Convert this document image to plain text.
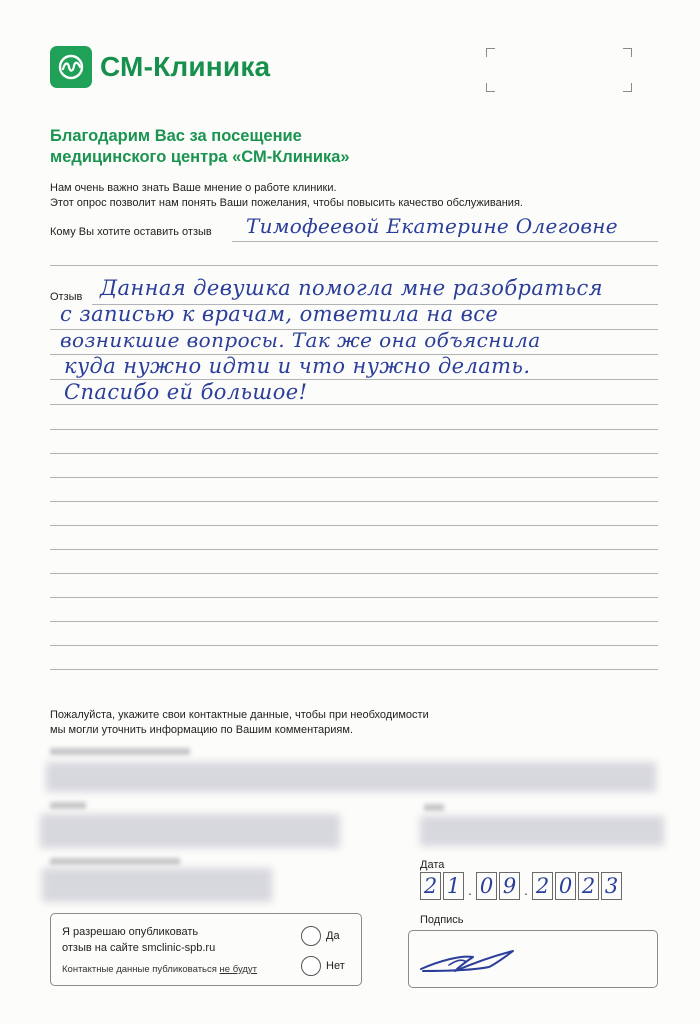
СМ-Клиника
Благодарим Вас за посещение
медицинского центра «СМ-Клиника»
Нам очень важно знать Ваше мнение о работе клиники.
Этот опрос позволит нам понять Ваши пожелания, чтобы повысить качество обслуживания.
Кому Вы хотите оставить отзыв Тимофеевой Екатерине Олеговне
Отзыв Данная девушка помогла мне разобраться
с записью к врачам, ответила на все
возникшие вопросы. Так же она объяснила
куда нужно идти и что нужно делать.
Спасибо ей большое!
Пожалуйста, укажите свои контактные данные, чтобы при необходимости
мы могли уточнить информацию по Вашим комментариям.
Дата
2 1 . 0 9 . 2 0 2 3
Я разрешаю опубликовать
отзыв на сайте smclinic-spb.ru
Контактные данные публиковаться не будут
Да
Нет
Подпись
